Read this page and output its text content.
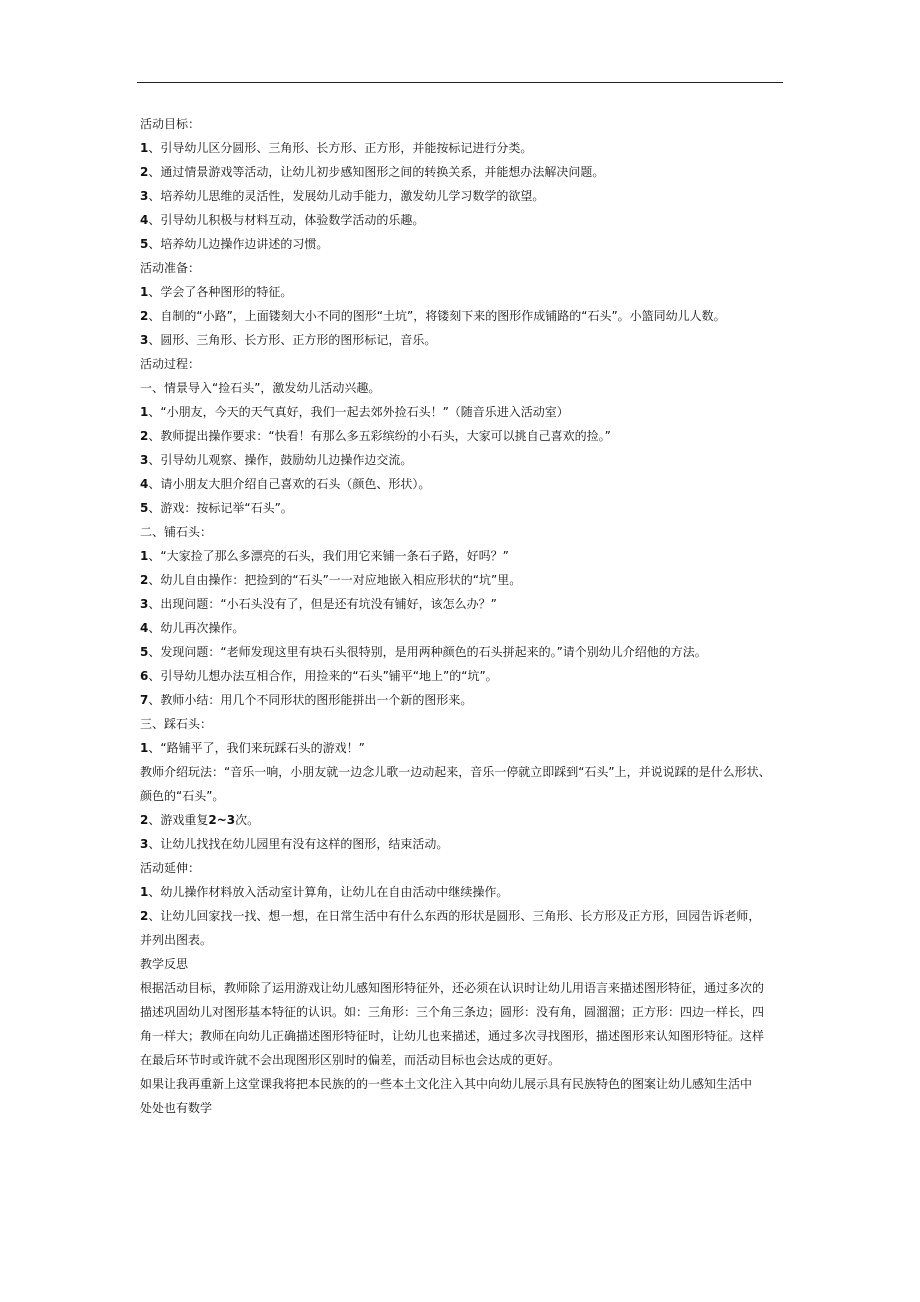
活动目标：
1、引导幼儿区分圆形、三角形、长方形、正方形，并能按标记进行分类。
2、通过情景游戏等活动，让幼儿初步感知图形之间的转换关系，并能想办法解决问题。
3、培养幼儿思维的灵活性，发展幼儿动手能力，激发幼儿学习数学的欲望。
4、引导幼儿积极与材料互动，体验数学活动的乐趣。
5、培养幼儿边操作边讲述的习惯。
活动准备：
1、学会了各种图形的特征。
2、自制的“小路”，上面镂刻大小不同的图形“土坑”，将镂刻下来的图形作成铺路的“石头”。小篮同幼儿人数。
3、圆形、三角形、长方形、正方形的图形标记，音乐。
活动过程：
一、情景导入“捡石头”，激发幼儿活动兴趣。
1、“小朋友，今天的天气真好，我们一起去郊外捡石头！”（随音乐进入活动室）
2、教师提出操作要求：“快看！有那么多五彩缤纷的小石头，大家可以挑自己喜欢的捡。”
3、引导幼儿观察、操作，鼓励幼儿边操作边交流。
4、请小朋友大胆介绍自己喜欢的石头（颜色、形状）。
5、游戏：按标记举“石头”。
二、铺石头：
1、“大家捡了那么多漂亮的石头，我们用它来铺一条石子路，好吗？”
2、幼儿自由操作：把捡到的“石头”一一对应地嵌入相应形状的“坑”里。
3、出现问题：“小石头没有了，但是还有坑没有铺好，该怎么办？”
4、幼儿再次操作。
5、发现问题：“老师发现这里有块石头很特别，是用两种颜色的石头拼起来的。”请个别幼儿介绍他的方法。
6、引导幼儿想办法互相合作，用捡来的“石头”铺平“地上”的“坑”。
7、教师小结：用几个不同形状的图形能拼出一个新的图形来。
三、踩石头：
1、“路铺平了，我们来玩踩石头的游戏！”
教师介绍玩法：“音乐一响，小朋友就一边念儿歌一边动起来，音乐一停就立即踩到“石头”上，并说说踩的是什么形状、
颜色的“石头”。
2、游戏重复2~3次。
3、让幼儿找找在幼儿园里有没有这样的图形，结束活动。
活动延伸：
1、幼儿操作材料放入活动室计算角，让幼儿在自由活动中继续操作。
2、让幼儿回家找一找、想一想，在日常生活中有什么东西的形状是圆形、三角形、长方形及正方形，回园告诉老师，
并列出图表。
教学反思
根据活动目标，教师除了运用游戏让幼儿感知图形特征外，还必须在认识时让幼儿用语言来描述图形特征，通过多次的
描述巩固幼儿对图形基本特征的认识。如：三角形：三个角三条边；圆形：没有角，圆溜溜；正方形：四边一样长，四
角一样大；教师在向幼儿正确描述图形特征时，让幼儿也来描述，通过多次寻找图形，描述图形来认知图形特征。这样
在最后环节时或许就不会出现图形区别时的偏差，而活动目标也会达成的更好。
如果让我再重新上这堂课我将把本民族的的一些本土文化注入其中向幼儿展示具有民族特色的图案让幼儿感知生活中
处处也有数学
